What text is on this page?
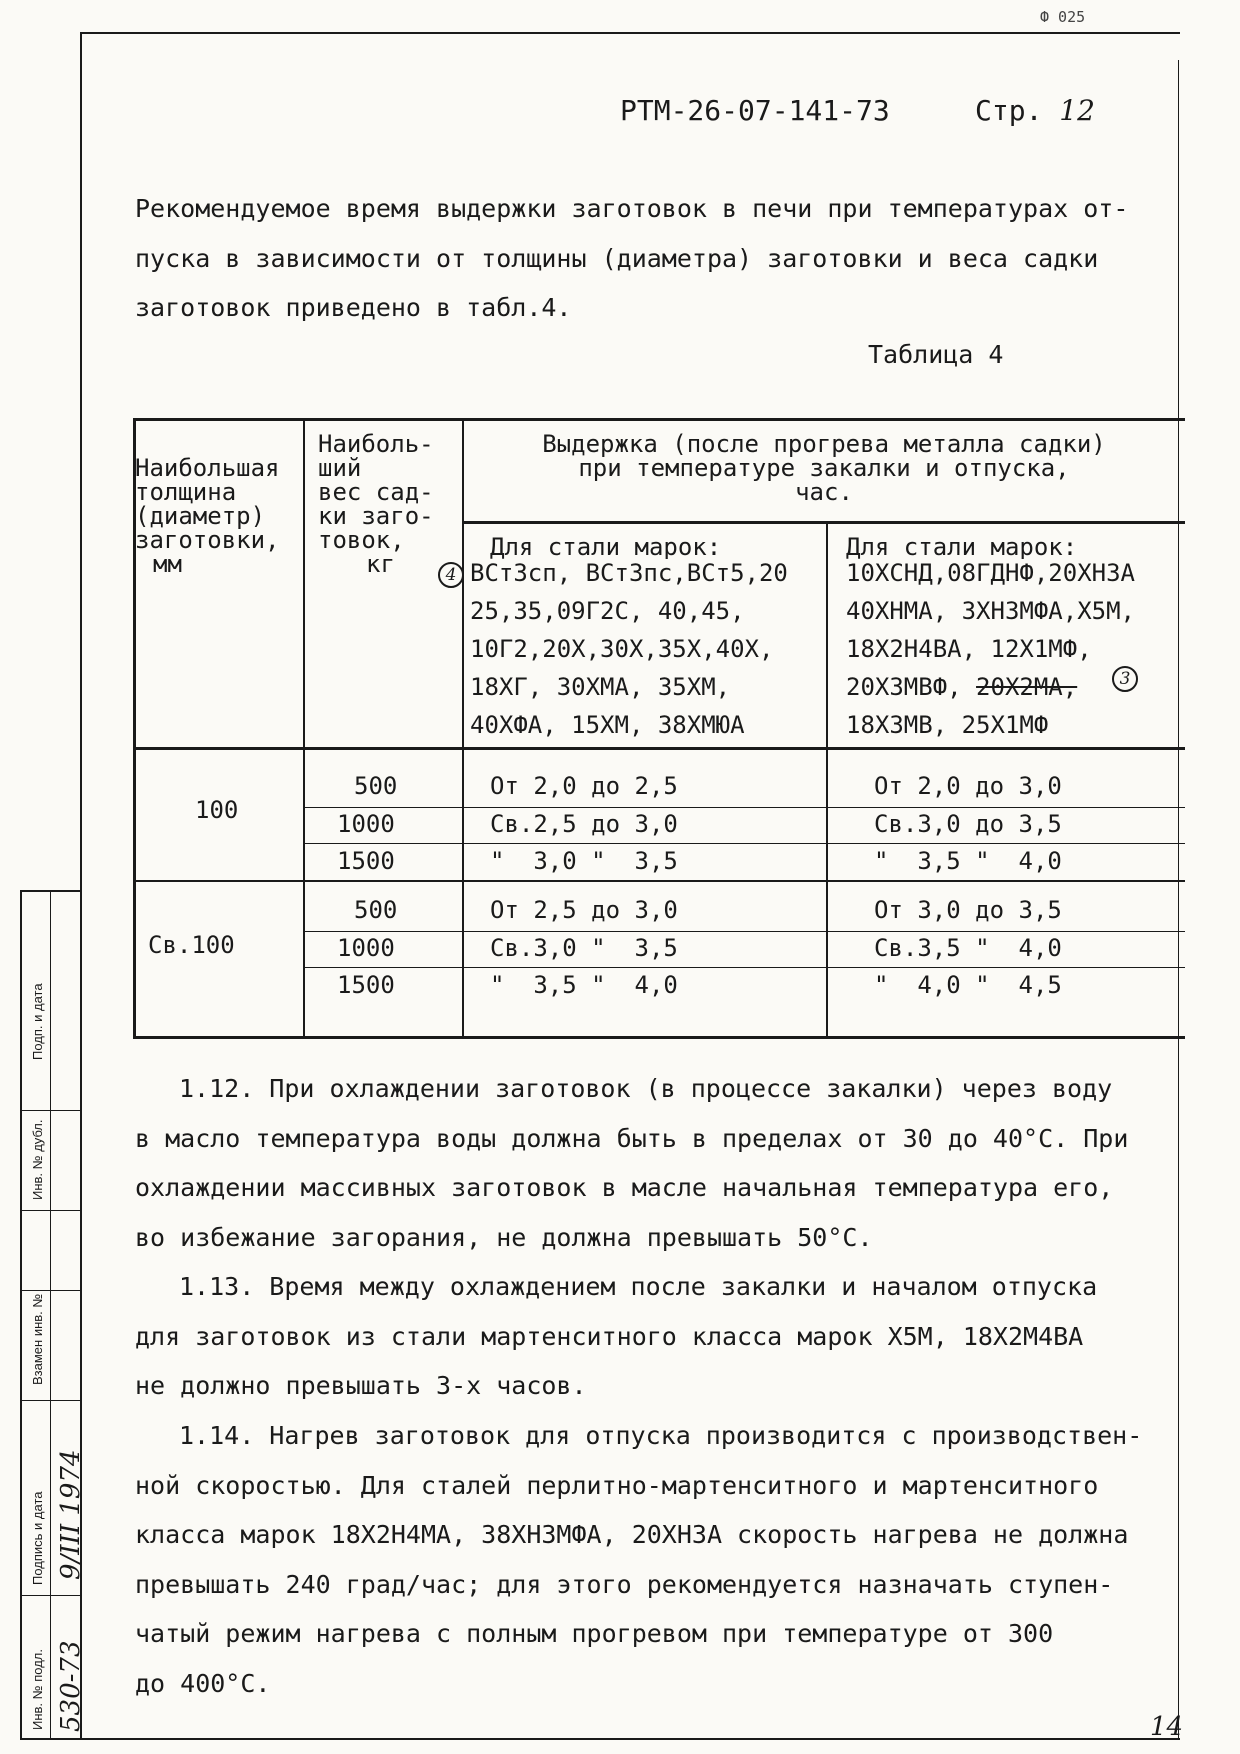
Ф 025
РТМ-26-07-141-73	Стр. 12
Рекомендуемое время выдержки заготовок в печи при температурах от-
пуска в зависимости от толщины (диаметра) заготовки и веса садки
заготовок приведено в табл.4.
Таблица 4
Наибольшая
толщина
(диаметр)
заготовки,
мм
Наиболь-
ший
вес сад-
ки заго-
товок,
кг
Выдержка (после прогрева металла садки)
при температуре закалки и отпуска,
час.
Для стали марок:
4 ВСт3сп, ВСт3пс,ВСт5,20
25,35,09Г2С, 40,45,
10Г2,20Х,30Х,35Х,40Х,
18ХГ, 30ХМА, 35ХМ,
40ХФА, 15ХМ, 38ХМЮА
Для стали марок:
10ХСНД,08ГДНФ,20ХН3А
40ХНМА, 3ХН3МФА,Х5М,
18Х2Н4ВА, 12Х1МФ,
20Х3МВФ, 20Х2МА,
18Х3МВ, 25Х1МФ
3
100
500
1000
1500
От 2,0 до 2,5
Св.2,5 до 3,0
"  3,0 "  3,5
От 2,0 до 3,0
Св.3,0 до 3,5
"  3,5 "  4,0
Св.100
500
1000
1500
От 2,5 до 3,0
Св.3,0 "  3,5
"  3,5 "  4,0
От 3,0 до 3,5
Св.3,5 "  4,0
"  4,0 "  4,5
1.12. При охлаждении заготовок (в процессе закалки) через воду
в масло температура воды должна быть в пределах от 30 до 40°С. При
охлаждении массивных заготовок в масле начальная температура его,
во избежание загорания, не должна превышать 50°С.
1.13. Время между охлаждением после закалки и началом отпуска
для заготовок из стали мартенситного класса марок Х5М, 18Х2М4ВА
не должно превышать 3-х часов.
1.14. Нагрев заготовок для отпуска производится с производствен-
ной скоростью. Для сталей перлитно-мартенситного и мартенситного
класса марок 18Х2Н4МА, 38ХН3МФА, 20ХН3А скорость нагрева не должна
превышать 240 град/час; для этого рекомендуется назначать ступен-
чатый режим нагрева с полным прогревом при температуре от 300
до 400°С.
Подп. и дата
Инв. № дубл.
Взамен инв. №
Подпись и дата
Инв. № подл.
9/III 1974
530-73	14
